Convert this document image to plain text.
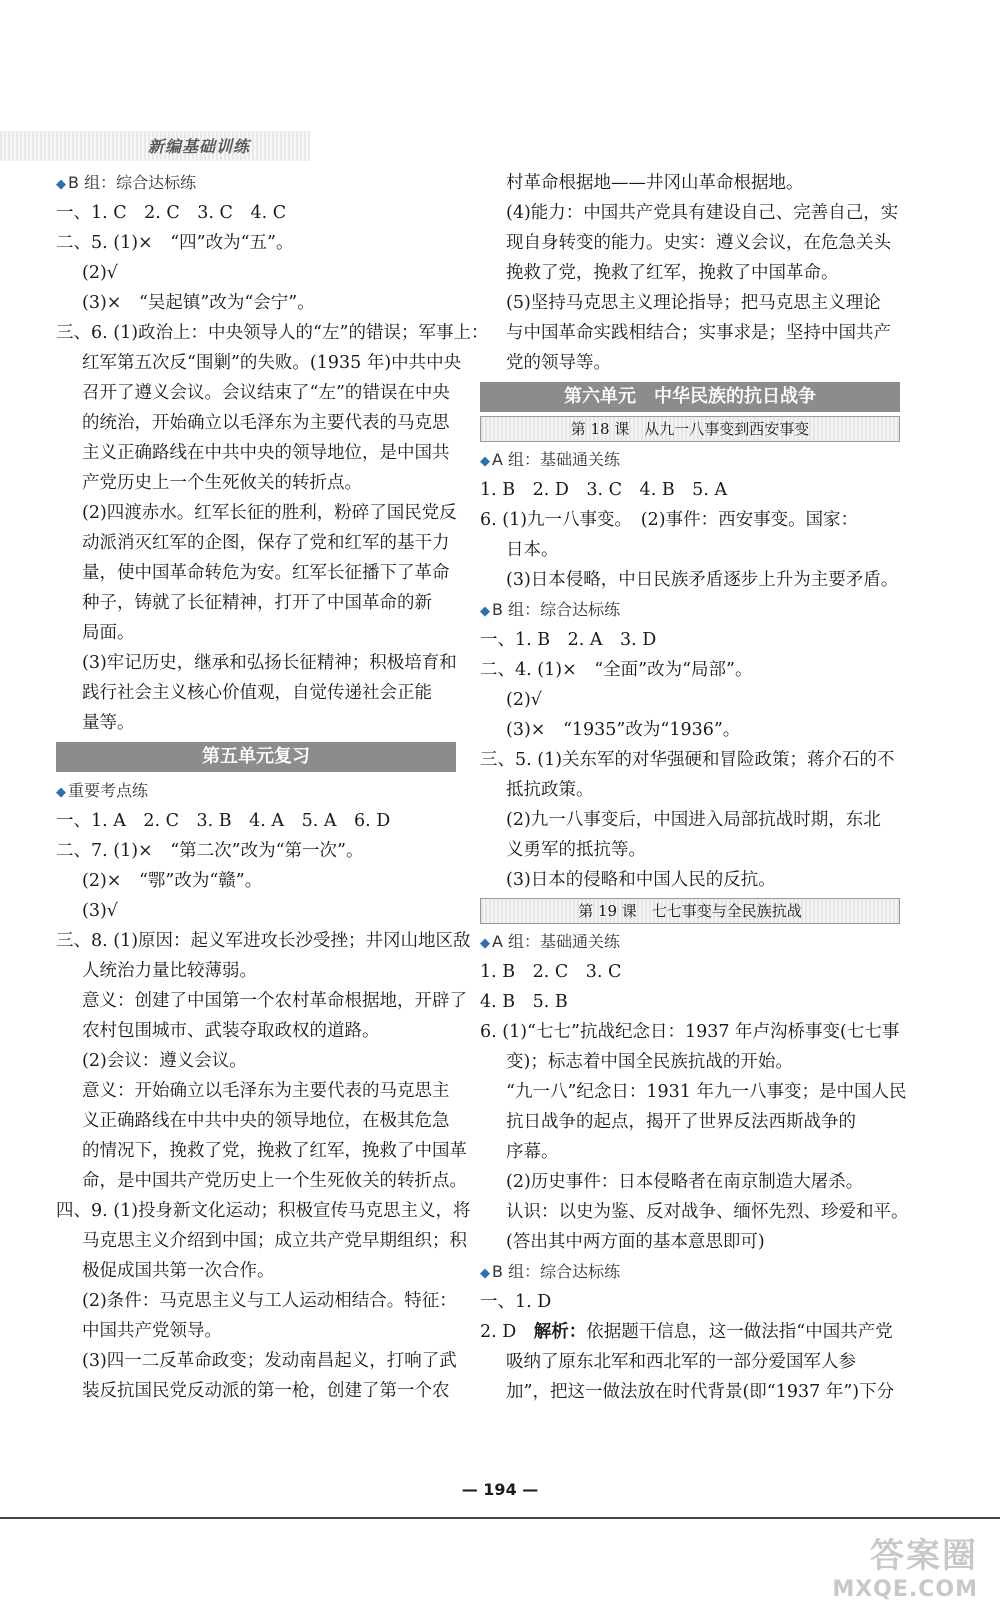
新编基础训练
◆ B 组：综合达标练
一、1. C　2. C　3. C　4. C
二、5. (1)×　“四”改为“五”。
(2)√
(3)×　“吴起镇”改为“会宁”。
三、6. (1)政治上：中央领导人的“左”的错误；军事上：
红军第五次反“围剿”的失败。(1935 年)中共中央
召开了遵义会议。会议结束了“左”的错误在中央
的统治，开始确立以毛泽东为主要代表的马克思
主义正确路线在中共中央的领导地位，是中国共
产党历史上一个生死攸关的转折点。
(2)四渡赤水。红军长征的胜利，粉碎了国民党反
动派消灭红军的企图，保存了党和红军的基干力
量，使中国革命转危为安。红军长征播下了革命
种子，铸就了长征精神，打开了中国革命的新
局面。
(3)牢记历史，继承和弘扬长征精神；积极培育和
践行社会主义核心价值观，自觉传递社会正能
量等。
第五单元复习
◆ 重要考点练
一、1. A　2. C　3. B　4. A　5. A　6. D
二、7. (1)×　“第二次”改为“第一次”。
(2)×　“鄂”改为“赣”。
(3)√
三、8. (1)原因：起义军进攻长沙受挫；井冈山地区敌
人统治力量比较薄弱。
意义：创建了中国第一个农村革命根据地，开辟了
农村包围城市、武装夺取政权的道路。
(2)会议：遵义会议。
意义：开始确立以毛泽东为主要代表的马克思主
义正确路线在中共中央的领导地位，在极其危急
的情况下，挽救了党，挽救了红军，挽救了中国革
命，是中国共产党历史上一个生死攸关的转折点。
四、9. (1)投身新文化运动；积极宣传马克思主义，将
马克思主义介绍到中国；成立共产党早期组织；积
极促成国共第一次合作。
(2)条件：马克思主义与工人运动相结合。特征：
中国共产党领导。
(3)四一二反革命政变；发动南昌起义，打响了武
装反抗国民党反动派的第一枪，创建了第一个农
村革命根据地——井冈山革命根据地。
(4)能力：中国共产党具有建设自己、完善自己，实
现自身转变的能力。史实：遵义会议，在危急关头
挽救了党，挽救了红军，挽救了中国革命。
(5)坚持马克思主义理论指导；把马克思主义理论
与中国革命实践相结合；实事求是；坚持中国共产
党的领导等。
第六单元　中华民族的抗日战争
第 18 课　从九一八事变到西安事变
◆ A 组：基础通关练
1. B　2. D　3. C　4. B　5. A
6. (1)九一八事变。　(2)事件：西安事变。国家：
日本。
(3)日本侵略，中日民族矛盾逐步上升为主要矛盾。
◆ B 组：综合达标练
一、1. B　2. A　3. D
二、4. (1)×　“全面”改为“局部”。
(2)√
(3)×　“1935”改为“1936”。
三、5. (1)关东军的对华强硬和冒险政策；蒋介石的不
抵抗政策。
(2)九一八事变后，中国进入局部抗战时期，东北
义勇军的抵抗等。
(3)日本的侵略和中国人民的反抗。
第 19 课　七七事变与全民族抗战
◆ A 组：基础通关练
1. B　2. C　3. C
4. B　5. B
6. (1)“七七”抗战纪念日：1937 年卢沟桥事变(七七事
变)；标志着中国全民族抗战的开始。
“九一八”纪念日：1931 年九一八事变；是中国人民
抗日战争的起点，揭开了世界反法西斯战争的
序幕。
(2)历史事件：日本侵略者在南京制造大屠杀。
认识：以史为鉴、反对战争、缅怀先烈、珍爱和平。
(答出其中两方面的基本意思即可)
◆ B 组：综合达标练
一、1. D
2. D　解析：依据题干信息，这一做法指“中国共产党
吸纳了原东北军和西北军的一部分爱国军人参
加”，把这一做法放在时代背景(即“1937 年”)下分
— 194 —
答案圈
MXQE.COM
